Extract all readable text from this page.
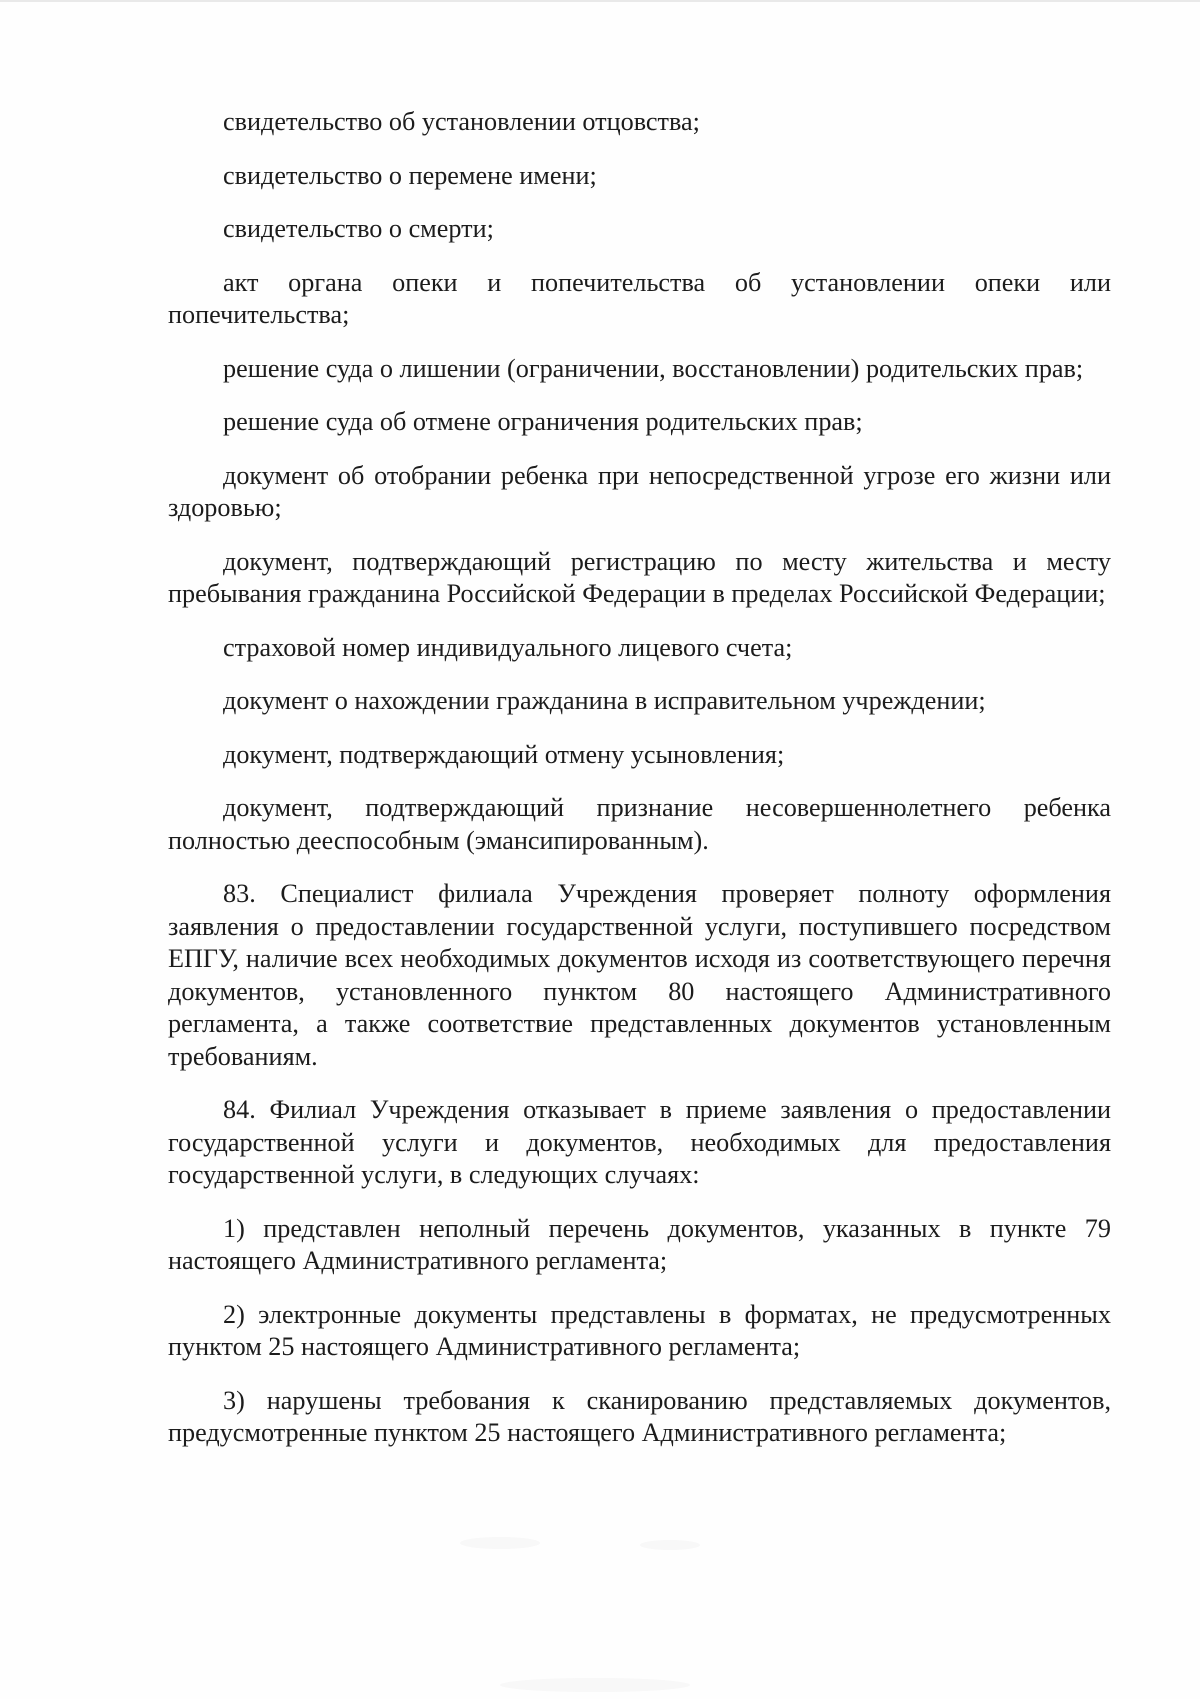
свидетельство об установлении отцовства;

свидетельство о перемене имени;

свидетельство о смерти;

акт органа опеки и попечительства об установлении опеки или попечительства;

решение суда о лишении (ограничении, восстановлении) родительских прав;

решение суда об отмене ограничения родительских прав;

документ об отобрании ребенка при непосредственной угрозе его жизни или здоровью;

документ, подтверждающий регистрацию по месту жительства и месту пребывания гражданина Российской Федерации в пределах Российской Федерации;

страховой номер индивидуального лицевого счета;

документ о нахождении гражданина в исправительном учреждении;

документ, подтверждающий отмену усыновления;

документ, подтверждающий признание несовершеннолетнего ребенка полностью дееспособным (эмансипированным).

83. Специалист филиала Учреждения проверяет полноту оформления заявления о предоставлении государственной услуги, поступившего посредством ЕПГУ, наличие всех необходимых документов исходя из соответствующего перечня документов, установленного пунктом 80 настоящего Административного регламента, а также соответствие представленных документов установленным требованиям.

84. Филиал Учреждения отказывает в приеме заявления о предоставлении государственной услуги и документов, необходимых для предоставления государственной услуги, в следующих случаях:

1) представлен неполный перечень документов, указанных в пункте 79 настоящего Административного регламента;

2) электронные документы представлены в форматах, не предусмотренных пунктом 25 настоящего Административного регламента;

3) нарушены требования к сканированию представляемых документов, предусмотренные пунктом 25 настоящего Административного регламента;
